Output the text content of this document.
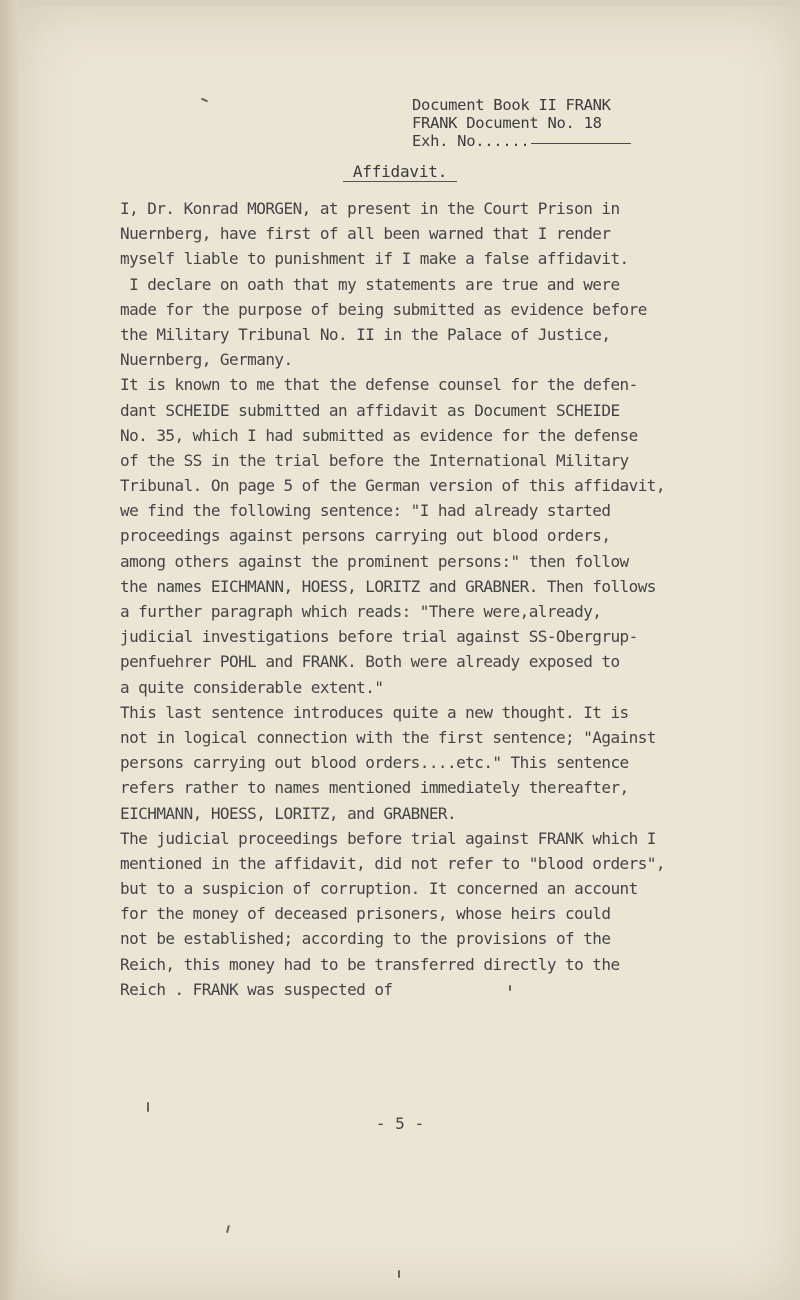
Document Book II FRANK
FRANK Document No. 18
Exh. No......
Affidavit.
I, Dr. Konrad MORGEN, at present in the Court Prison in
Nuernberg, have first of all been warned that I render
myself liable to punishment if I make a false affidavit.
I declare on oath that my statements are true and were
made for the purpose of being submitted as evidence before
the Military Tribunal No. II in the Palace of Justice,
Nuernberg, Germany.
It is known to me that the defense counsel for the defen-
dant SCHEIDE submitted an affidavit as Document SCHEIDE
No. 35, which I had submitted as evidence for the defense
of the SS in the trial before the International Military
Tribunal. On page 5 of the German version of this affidavit,
we find the following sentence: "I had already started
proceedings against persons carrying out blood orders,
among others against the prominent persons:" then follow
the names EICHMANN, HOESS, LORITZ and GRABNER. Then follows
a further paragraph which reads: "There were,already,
judicial investigations before trial against SS-Obergrup-
penfuehrer POHL and FRANK. Both were already exposed to
a quite considerable extent."
This last sentence introduces quite a new thought. It is
not in logical connection with the first sentence; "Against
persons carrying out blood orders....etc." This sentence
refers rather to names mentioned immediately thereafter,
EICHMANN, HOESS, LORITZ, and GRABNER.
The judicial proceedings before trial against FRANK which I
mentioned in the affidavit, did not refer to "blood orders",
but to a suspicion of corruption. It concerned an account
for the money of deceased prisoners, whose heirs could
not be established; according to the provisions of the
Reich, this money had to be transferred directly to the
Reich . FRANK was suspected of
- 5 -
